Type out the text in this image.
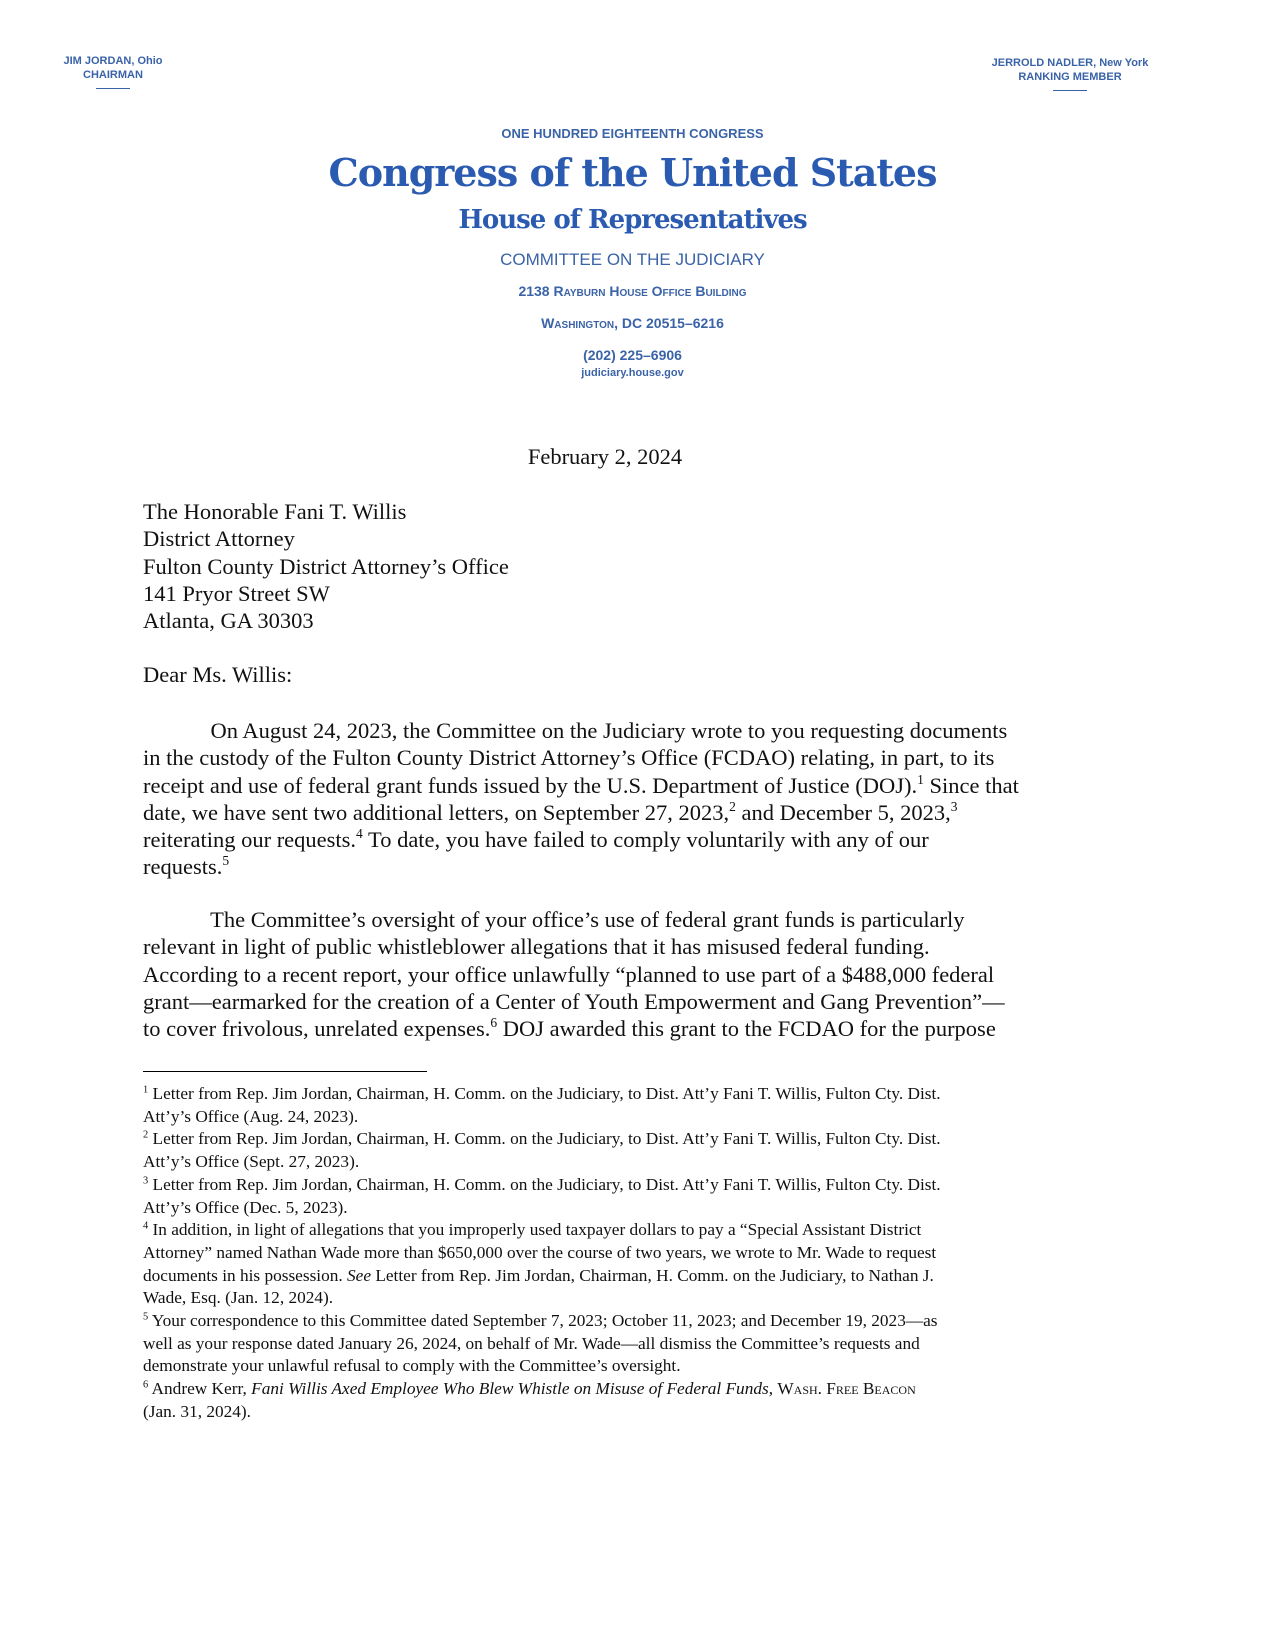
JIM JORDAN, Ohio
CHAIRMAN
JERROLD NADLER, New York
RANKING MEMBER
ONE HUNDRED EIGHTEENTH CONGRESS
Congress of the United States
House of Representatives
COMMITTEE ON THE JUDICIARY
2138 Rayburn House Office Building
Washington, DC 20515–6216
(202) 225–6906
judiciary.house.gov
February 2, 2024
The Honorable Fani T. Willis
District Attorney
Fulton County District Attorney’s Office
141 Pryor Street SW
Atlanta, GA 30303
Dear Ms. Willis:
On August 24, 2023, the Committee on the Judiciary wrote to you requesting documents
in the custody of the Fulton County District Attorney’s Office (FCDAO) relating, in part, to its
receipt and use of federal grant funds issued by the U.S. Department of Justice (DOJ).$^1$ Since that
date, we have sent two additional letters, on September 27, 2023,$^2$ and December 5, 2023,$^3$
reiterating our requests.$^4$ To date, you have failed to comply voluntarily with any of our
requests.$^5$
The Committee’s oversight of your office’s use of federal grant funds is particularly
relevant in light of public whistleblower allegations that it has misused federal funding.
According to a recent report, your office unlawfully “planned to use part of a $488,000 federal
grant—earmarked for the creation of a Center of Youth Empowerment and Gang Prevention”—
to cover frivolous, unrelated expenses.$^6$ DOJ awarded this grant to the FCDAO for the purpose
$^1$ Letter from Rep. Jim Jordan, Chairman, H. Comm. on the Judiciary, to Dist. Att’y Fani T. Willis, Fulton Cty. Dist.
Att’y’s Office (Aug. 24, 2023).
$^2$ Letter from Rep. Jim Jordan, Chairman, H. Comm. on the Judiciary, to Dist. Att’y Fani T. Willis, Fulton Cty. Dist.
Att’y’s Office (Sept. 27, 2023).
$^3$ Letter from Rep. Jim Jordan, Chairman, H. Comm. on the Judiciary, to Dist. Att’y Fani T. Willis, Fulton Cty. Dist.
Att’y’s Office (Dec. 5, 2023).
$^4$ In addition, in light of allegations that you improperly used taxpayer dollars to pay a “Special Assistant District
Attorney” named Nathan Wade more than $650,000 over the course of two years, we wrote to Mr. Wade to request
documents in his possession. See Letter from Rep. Jim Jordan, Chairman, H. Comm. on the Judiciary, to Nathan J.
Wade, Esq. (Jan. 12, 2024).
$^5$ Your correspondence to this Committee dated September 7, 2023; October 11, 2023; and December 19, 2023—as
well as your response dated January 26, 2024, on behalf of Mr. Wade—all dismiss the Committee’s requests and
demonstrate your unlawful refusal to comply with the Committee’s oversight.
$^6$ Andrew Kerr, Fani Willis Axed Employee Who Blew Whistle on Misuse of Federal Funds, Wash. Free Beacon
(Jan. 31, 2024).
